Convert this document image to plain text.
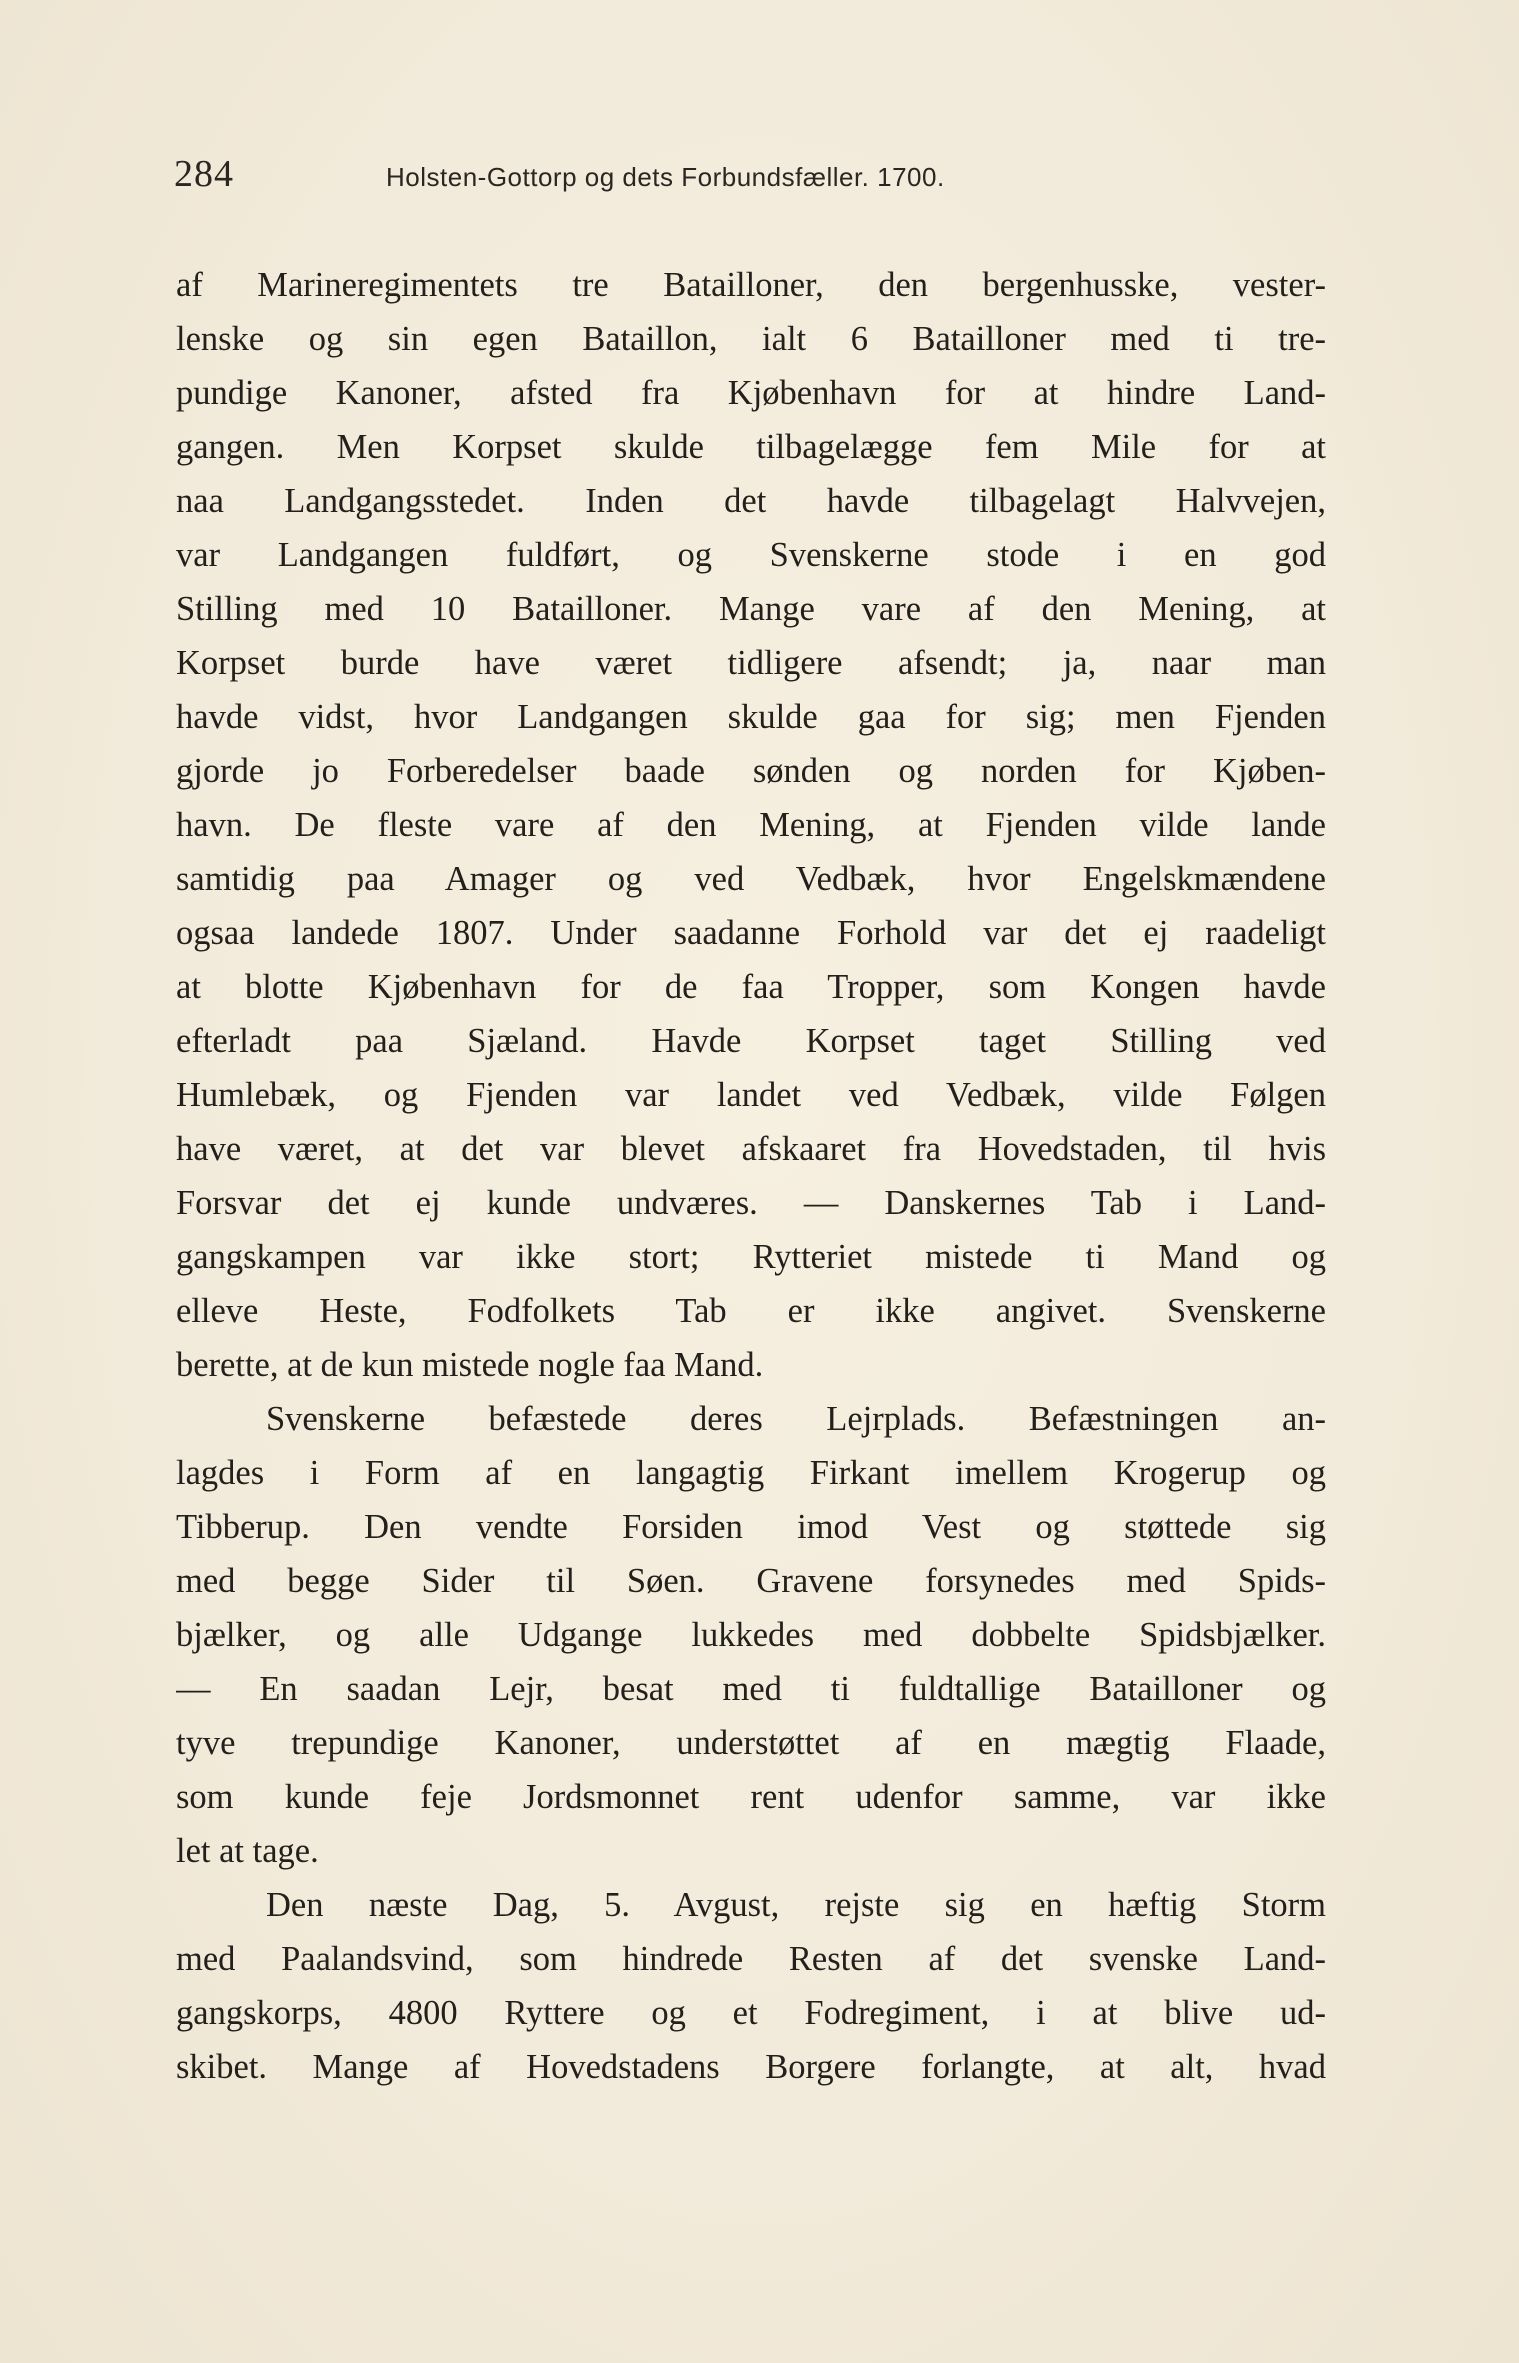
284	Holsten-Gottorp og dets Forbundsfæller. 1700.
af Marineregimentets tre Batailloner, den bergenhusske, vester-
lenske og sin egen Bataillon, ialt 6 Batailloner med ti tre-
pundige Kanoner, afsted fra Kjøbenhavn for at hindre Land-
gangen. Men Korpset skulde tilbagelægge fem Mile for at
naa Landgangsstedet. Inden det havde tilbagelagt Halvvejen,
var Landgangen fuldført, og Svenskerne stode i en god
Stilling med 10 Batailloner. Mange vare af den Mening, at
Korpset burde have været tidligere afsendt; ja, naar man
havde vidst, hvor Landgangen skulde gaa for sig; men Fjenden
gjorde jo Forberedelser baade sønden og norden for Kjøben-
havn. De fleste vare af den Mening, at Fjenden vilde lande
samtidig paa Amager og ved Vedbæk, hvor Engelskmændene
ogsaa landede 1807. Under saadanne Forhold var det ej raadeligt
at blotte Kjøbenhavn for de faa Tropper, som Kongen havde
efterladt paa Sjæland. Havde Korpset taget Stilling ved
Humlebæk, og Fjenden var landet ved Vedbæk, vilde Følgen
have været, at det var blevet afskaaret fra Hovedstaden, til hvis
Forsvar det ej kunde undværes. — Danskernes Tab i Land-
gangskampen var ikke stort; Rytteriet mistede ti Mand og
elleve Heste, Fodfolkets Tab er ikke angivet. Svenskerne
berette, at de kun mistede nogle faa Mand.
Svenskerne befæstede deres Lejrplads. Befæstningen an-
lagdes i Form af en langagtig Firkant imellem Krogerup og
Tibberup. Den vendte Forsiden imod Vest og støttede sig
med begge Sider til Søen. Gravene forsynedes med Spids-
bjælker, og alle Udgange lukkedes med dobbelte Spidsbjælker.
— En saadan Lejr, besat med ti fuldtallige Batailloner og
tyve trepundige Kanoner, understøttet af en mægtig Flaade,
som kunde feje Jordsmonnet rent udenfor samme, var ikke
let at tage.
Den næste Dag, 5. Avgust, rejste sig en hæftig Storm
med Paalandsvind, som hindrede Resten af det svenske Land-
gangskorps, 4800 Ryttere og et Fodregiment, i at blive ud-
skibet. Mange af Hovedstadens Borgere forlangte, at alt, hvad
